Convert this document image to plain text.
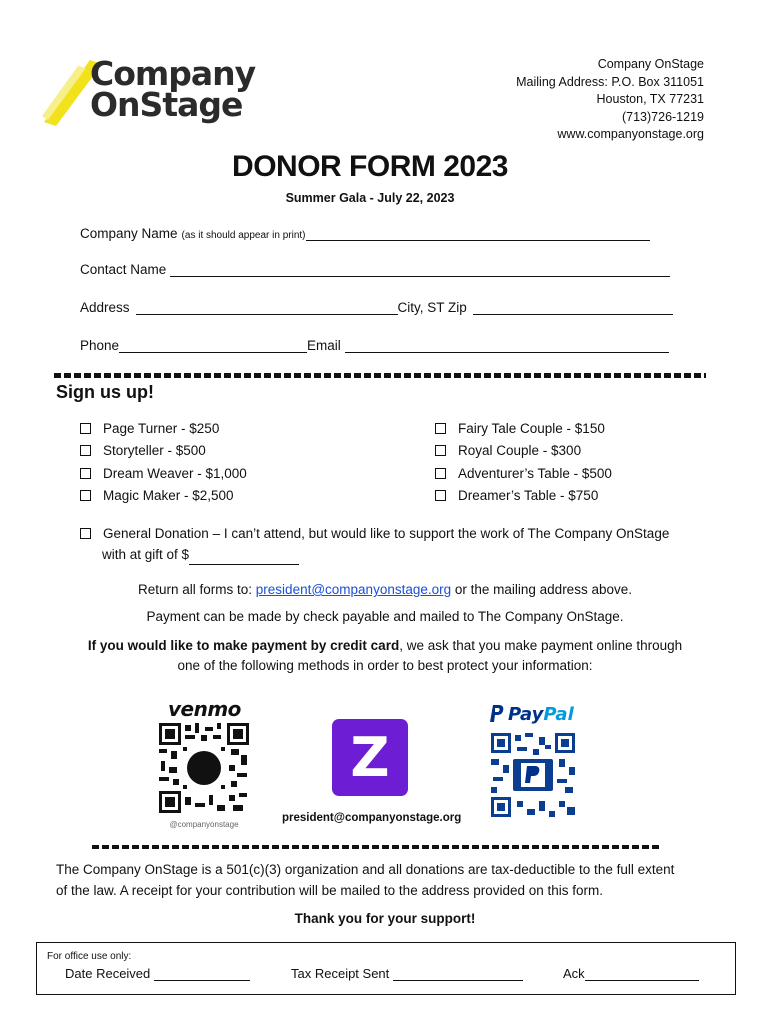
Company
OnStage
Company OnStage
Mailing Address: P.O. Box 311051
Houston, TX 77231
(713)726-1219
www.companyonstage.org
DONOR FORM 2023
Summer Gala - July 22, 2023
Company Name (as it should appear in print)
Contact Name
Address	City, ST Zip
Phone	Email
Sign us up!
Page Turner - $250
Storyteller - $500
Dream Weaver - $1,000
Magic Maker - $2,500
Fairy Tale Couple - $150
Royal Couple - $300
Adventurer’s Table - $500
Dreamer’s Table - $750
General Donation – I can’t attend, but would like to support the work of The Company OnStage
with at gift of $
Return all forms to: president@companyonstage.org or the mailing address above.
Payment can be made by check payable and mailed to The Company OnStage.
If you would like to make payment by credit card, we ask that you make payment online through
one of the following methods in order to best protect your information:
venmo
@companyonstage
Z
president@companyonstage.org
PayPal
The Company OnStage is a 501(c)(3) organization and all donations are tax-deductible to the full extent
of the law. A receipt for your contribution will be mailed to the address provided on this form.
Thank you for your support!
For office use only:
Date Received	Tax Receipt Sent	Ack
